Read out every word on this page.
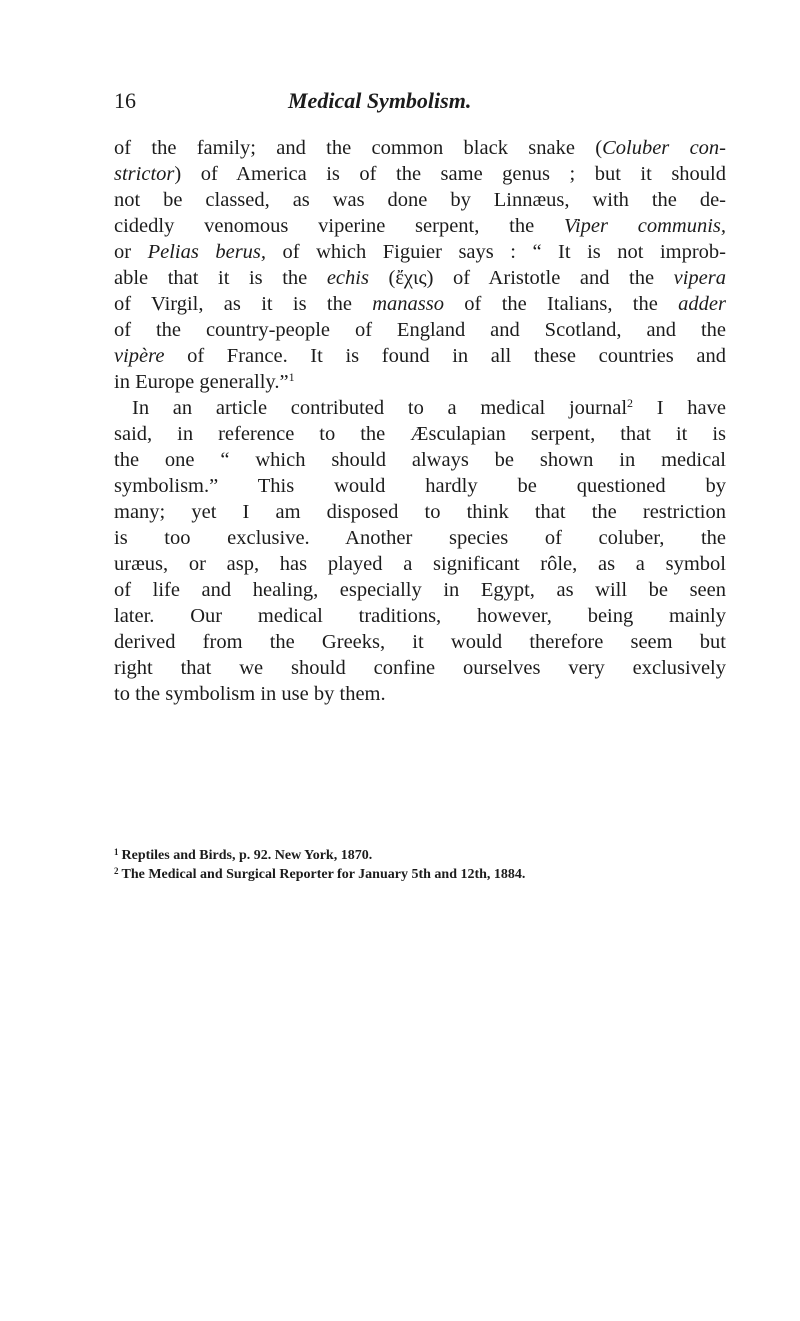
16	Medical Symbolism.
of the family; and the common black snake (Coluber con-
strictor) of America is of the same genus ; but it should
not be classed, as was done by Linnæus, with the de-
cidedly venomous viperine serpent, the Viper communis,
or Pelias berus, of which Figuier says : “ It is not improb-
able that it is the echis (ἔχις) of Aristotle and the vipera
of Virgil, as it is the manasso of the Italians, the adder
of the country-people of England and Scotland, and the
vipère of France. It is found in all these countries and
in Europe generally.”$^1$
In an article contributed to a medical journal$^2$ I have
said, in reference to the Æsculapian serpent, that it is
the one “ which should always be shown in medical
symbolism.” This would hardly be questioned by
many; yet I am disposed to think that the restriction
is too exclusive. Another species of coluber, the
uræus, or asp, has played a significant rôle, as a symbol
of life and healing, especially in Egypt, as will be seen
later. Our medical traditions, however, being mainly
derived from the Greeks, it would therefore seem but
right that we should confine ourselves very exclusively
to the symbolism in use by them.
$^1$ Reptiles and Birds, p. 92. New York, 1870.
$^2$ The Medical and Surgical Reporter for January 5th and 12th, 1884.
